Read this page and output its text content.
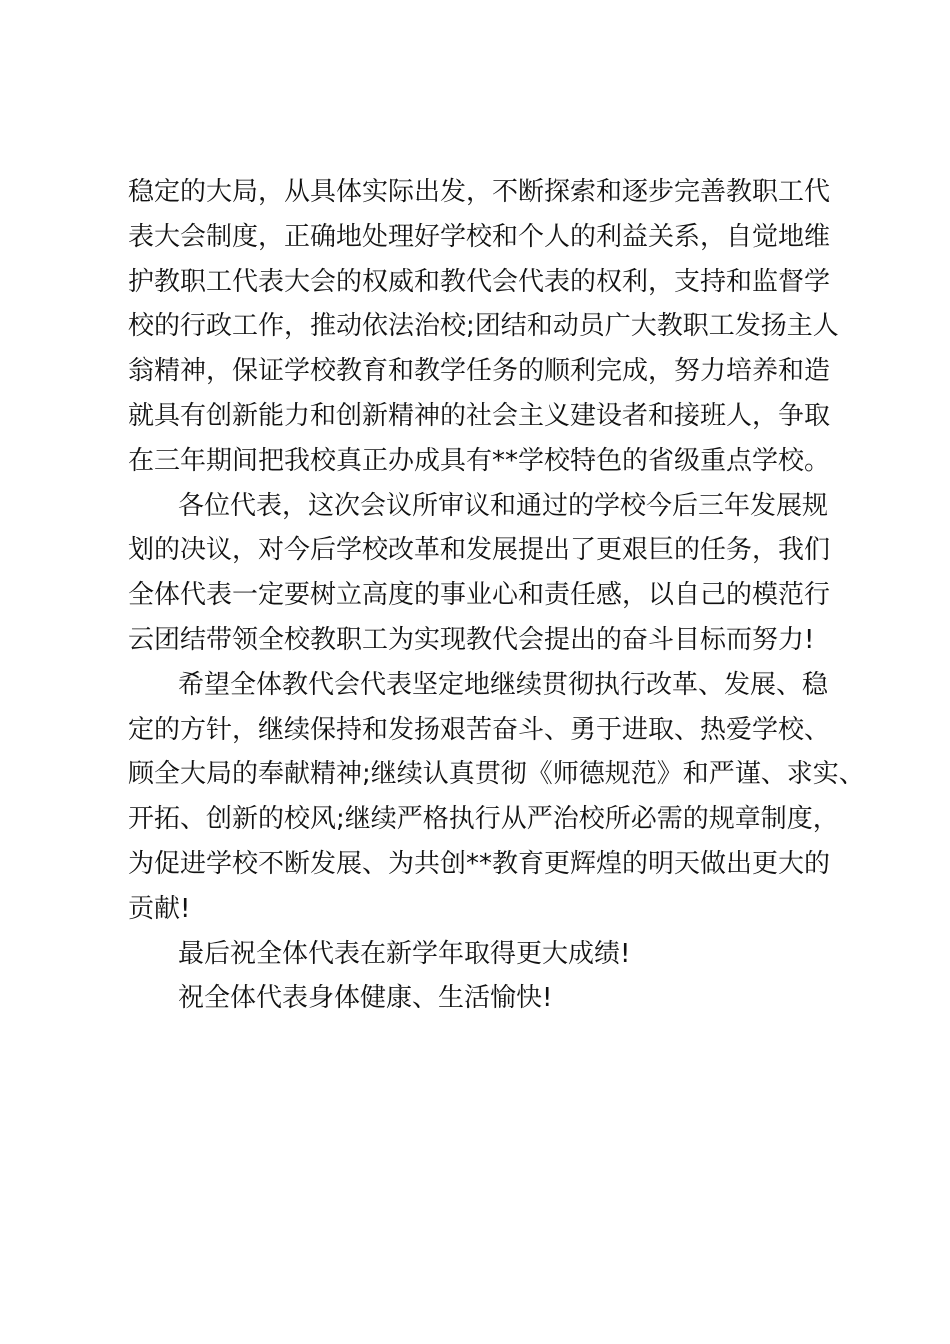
稳定的大局，从具体实际出发，不断探索和逐步完善教职工代
表大会制度，正确地处理好学校和个人的利益关系，自觉地维
护教职工代表大会的权威和教代会代表的权利，支持和监督学
校的行政工作，推动依法治校;团结和动员广大教职工发扬主人
翁精神，保证学校教育和教学任务的顺利完成，努力培养和造
就具有创新能力和创新精神的社会主义建设者和接班人，争取
在三年期间把我校真正办成具有**学校特色的省级重点学校。
各位代表，这次会议所审议和通过的学校今后三年发展规
划的决议，对今后学校改革和发展提出了更艰巨的任务，我们
全体代表一定要树立高度的事业心和责任感，以自己的模范行
云团结带领全校教职工为实现教代会提出的奋斗目标而努力!
希望全体教代会代表坚定地继续贯彻执行改革、发展、稳
定的方针，继续保持和发扬艰苦奋斗、勇于进取、热爱学校、
顾全大局的奉献精神;继续认真贯彻《师德规范》和严谨、求实、
开拓、创新的校风;继续严格执行从严治校所必需的规章制度，
为促进学校不断发展、为共创**教育更辉煌的明天做出更大的
贡献!
最后祝全体代表在新学年取得更大成绩!
祝全体代表身体健康、生活愉快!
